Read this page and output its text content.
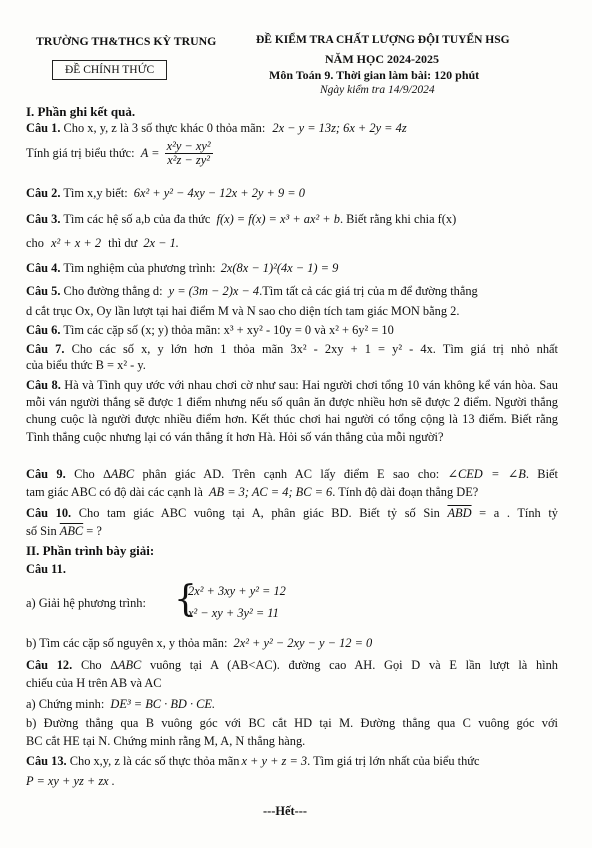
TRƯỜNG TH&THCS KỲ TRUNG
ĐỀ CHÍNH THỨC
ĐỀ KIỂM TRA CHẤT LƯỢNG ĐỘI TUYỂN HSG
NĂM HỌC 2024-2025
Môn Toán 9. Thời gian làm bài: 120 phút
Ngày kiểm tra 14/9/2024
I. Phần ghi kết quả.
Câu 1. Cho x, y, z là 3 số thực khác 0 thỏa mãn: 2x − y = 13z; 6x + 2y = 4z
Tính giá trị biểu thức: $A = \frac{\text{x²y − xy²}}{\text{x²z − zy²}}$
Câu 2. Tìm x,y biết: 6x² + y² − 4xy − 12x + 2y + 9 = 0
Câu 3. Tìm các hệ số a,b của đa thức f(x) = f(x) = x³ + ax² + b. Biết rằng khi chia f(x)
cho x² + x + 2 thì dư 2x − 1.
Câu 4. Tìm nghiệm của phương trình: 2x(8x − 1)²(4x − 1) = 9
Câu 5. Cho đường thẳng d: y = (3m − 2)x − 4.Tìm tất cả các giá trị của m để đường thẳng
d cắt trục Ox, Oy lần lượt tại hai điểm M và N sao cho diện tích tam giác MON bằng 2.
Câu 6. Tìm các cặp số (x; y) thỏa mãn: x³ + xy² - 10y = 0 và x² + 6y² = 10
Câu 7. Cho các số x, y lớn hơn 1 thỏa mãn 3x² - 2xy + 1 = y² - 4x. Tìm giá trị nhỏ nhất
của biểu thức B = x² - y.
Câu 8. Hà và Tình quy ước với nhau chơi cờ như sau: Hai người chơi tổng 10 ván không kể ván hòa. Sau mỗi ván người thắng sẽ được 1 điểm nhưng nếu số quân ăn được nhiều hơn sẽ được 2 điểm. Người thắng chung cuộc là người được nhiều điểm hơn. Kết thúc chơi hai người có tổng cộng là 13 điểm. Biết rằng Tình thắng cuộc nhưng lại có ván thắng ít hơn Hà. Hỏi số ván thắng của mỗi người?
Câu 9. Cho ∆ABC phân giác AD. Trên cạnh AC lấy điểm E sao cho: ∠CED = ∠B. Biết
tam giác ABC có độ dài các cạnh là AB = 3; AC = 4; BC = 6. Tính độ dài đoạn thẳng DE?
Câu 10. Cho tam giác ABC vuông tại A, phân giác BD. Biết tỷ số Sin $\overline{ABD} = a$ . Tính tỷ
số Sin $\overline{ABC}$ = ?
II. Phần trình bày giải:
Câu 11.
a) Giải hệ phương trình: {
2x² + 3xy + y² = 12
x² − xy + 3y² = 11
b) Tìm các cặp số nguyên x, y thỏa mãn: 2x² + y² − 2xy − y − 12 = 0
Câu 12. Cho ∆ABC vuông tại A (AB<AC). đường cao AH. Gọi D và E lần lượt là hình
chiếu của H trên AB và AC
a) Chứng minh: DE³ = BC · BD · CE.
b) Đường thẳng qua B vuông góc với BC cắt HD tại M. Đường thẳng qua C vuông góc với
BC cắt HE tại N. Chứng minh rằng M, A, N thẳng hàng.
Câu 13. Cho x,y, z là các số thực thỏa mãn x + y + z = 3. Tìm giá trị lớn nhất của biểu thức
P = xy + yz + zx .
---Hết---
